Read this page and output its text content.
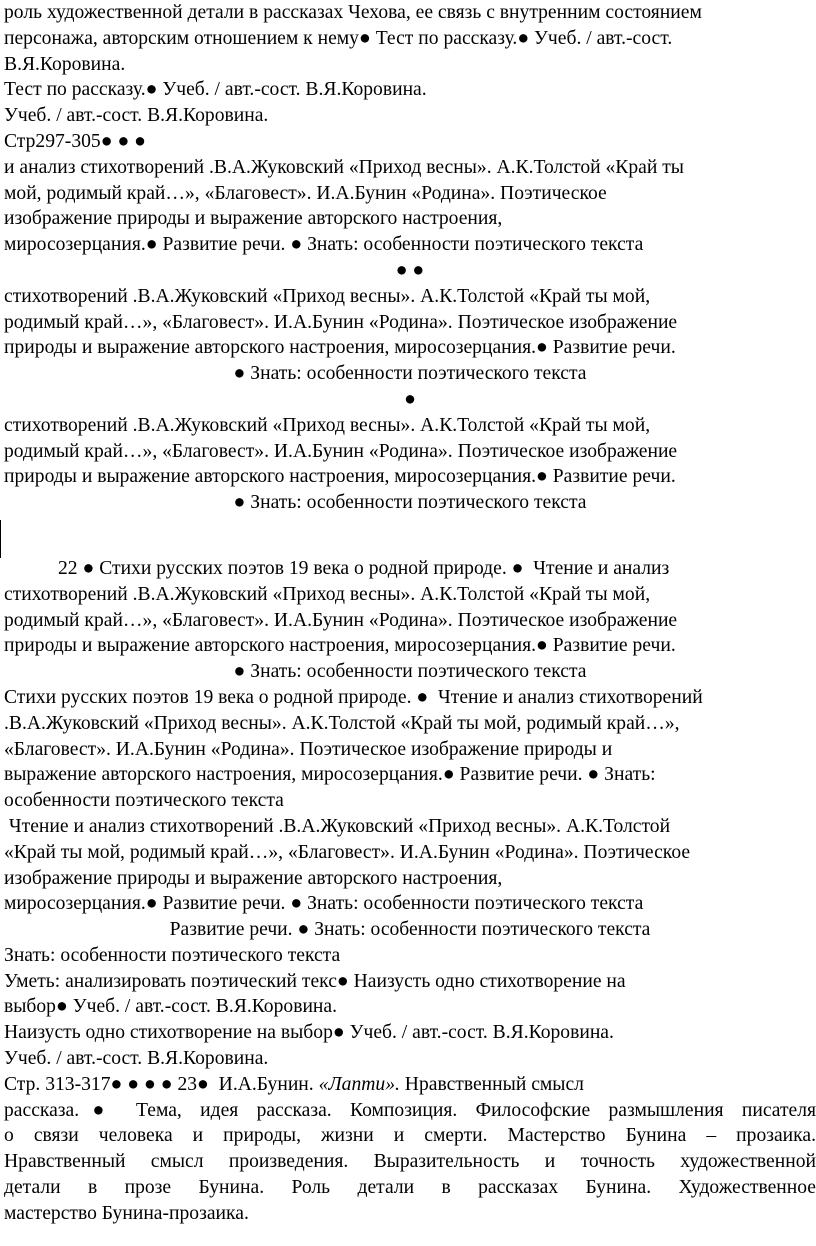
роль художественной детали в рассказах Чехова, ее связь с внутренним состоянием
персонажа, авторским отношением к нему● Тест по рассказу.● Учеб. / авт.-сост.
В.Я.Коровина.
Тест по рассказу.● Учеб. / авт.-сост. В.Я.Коровина.
Учеб. / авт.-сост. В.Я.Коровина.
Стр297-305● ● ●
и анализ стихотворений .В.А.Жуковский «Приход весны». А.К.Толстой «Край ты
мой, родимый край…», «Благовест». И.А.Бунин «Родина». Поэтическое
изображение природы и выражение авторского настроения,
миросозерцания.● Развитие речи. ● Знать: особенности поэтического текста
● ●
стихотворений .В.А.Жуковский «Приход весны». А.К.Толстой «Край ты мой,
родимый край…», «Благовест». И.А.Бунин «Родина». Поэтическое изображение
природы и выражение авторского настроения, миросозерцания.● Развитие речи.
● Знать: особенности поэтического текста
●
стихотворений .В.А.Жуковский «Приход весны». А.К.Толстой «Край ты мой,
родимый край…», «Благовест». И.А.Бунин «Родина». Поэтическое изображение
природы и выражение авторского настроения, миросозерцания.● Развитие речи.
● Знать: особенности поэтического текста
22 ● Стихи русских поэтов 19 века о родной природе. ●  Чтение и анализ
стихотворений .В.А.Жуковский «Приход весны». А.К.Толстой «Край ты мой,
родимый край…», «Благовест». И.А.Бунин «Родина». Поэтическое изображение
природы и выражение авторского настроения, миросозерцания.● Развитие речи.
● Знать: особенности поэтического текста
Стихи русских поэтов 19 века о родной природе. ●  Чтение и анализ стихотворений
.В.А.Жуковский «Приход весны». А.К.Толстой «Край ты мой, родимый край…»,
«Благовест». И.А.Бунин «Родина». Поэтическое изображение природы и
выражение авторского настроения, миросозерцания.● Развитие речи. ● Знать:
особенности поэтического текста
Чтение и анализ стихотворений .В.А.Жуковский «Приход весны». А.К.Толстой
«Край ты мой, родимый край…», «Благовест». И.А.Бунин «Родина». Поэтическое
изображение природы и выражение авторского настроения,
миросозерцания.● Развитие речи. ● Знать: особенности поэтического текста
Развитие речи. ● Знать: особенности поэтического текста
Знать: особенности поэтического текста
Уметь: анализировать поэтический текс● Наизусть одно стихотворение на
выбор● Учеб. / авт.-сост. В.Я.Коровина.
Наизусть одно стихотворение на выбор● Учеб. / авт.-сост. В.Я.Коровина.
Учеб. / авт.-сост. В.Я.Коровина.
Стр. 313-317● ● ● ● 23●  И.А.Бунин. «Лапти». Нравственный смысл
рассказа.● Тема, идея рассказа. Композиция. Философские размышления писателя
о связи человека и природы, жизни и смерти. Мастерство Бунина – прозаика.
Нравственный смысл произведения. Выразительность и точность художественной
детали в прозе Бунина. Роль детали в рассказах Бунина. Художественное
мастерство Бунина-прозаика.
